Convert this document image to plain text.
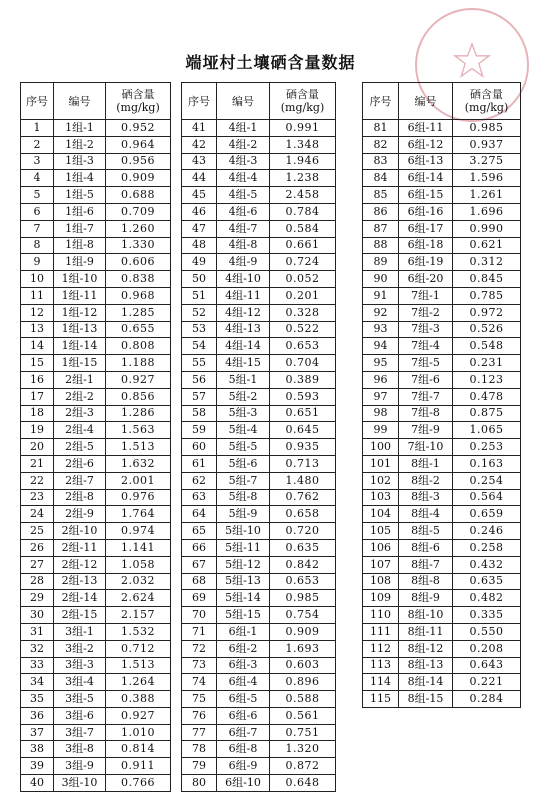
端垭村土壤硒含量数据
序号	编号	硒含量
(mg/kg)
1	1组-1	0.952
2	1组-2	0.964
3	1组-3	0.956
4	1组-4	0.909
5	1组-5	0.688
6	1组-6	0.709
7	1组-7	1.260
8	1组-8	1.330
9	1组-9	0.606
10	1组-10	0.838
11	1组-11	0.968
12	1组-12	1.285
13	1组-13	0.655
14	1组-14	0.808
15	1组-15	1.188
16	2组-1	0.927
17	2组-2	0.856
18	2组-3	1.286
19	2组-4	1.563
20	2组-5	1.513
21	2组-6	1.632
22	2组-7	2.001
23	2组-8	0.976
24	2组-9	1.764
25	2组-10	0.974
26	2组-11	1.141
27	2组-12	1.058
28	2组-13	2.032
29	2组-14	2.624
30	2组-15	2.157
31	3组-1	1.532
32	3组-2	0.712
33	3组-3	1.513
34	3组-4	1.264
35	3组-5	0.388
36	3组-6	0.927
37	3组-7	1.010
38	3组-8	0.814
39	3组-9	0.911
40	3组-10	0.766
序号	编号	硒含量
(mg/kg)
41	4组-1	0.991
42	4组-2	1.348
43	4组-3	1.946
44	4组-4	1.238
45	4组-5	2.458
46	4组-6	0.784
47	4组-7	0.584
48	4组-8	0.661
49	4组-9	0.724
50	4组-10	0.052
51	4组-11	0.201
52	4组-12	0.328
53	4组-13	0.522
54	4组-14	0.653
55	4组-15	0.704
56	5组-1	0.389
57	5组-2	0.593
58	5组-3	0.651
59	5组-4	0.645
60	5组-5	0.935
61	5组-6	0.713
62	5组-7	1.480
63	5组-8	0.762
64	5组-9	0.658
65	5组-10	0.720
66	5组-11	0.635
67	5组-12	0.842
68	5组-13	0.653
69	5组-14	0.985
70	5组-15	0.754
71	6组-1	0.909
72	6组-2	1.693
73	6组-3	0.603
74	6组-4	0.896
75	6组-5	0.588
76	6组-6	0.561
77	6组-7	0.751
78	6组-8	1.320
79	6组-9	0.872
80	6组-10	0.648
序号	编号	硒含量
(mg/kg)
81	6组-11	0.985
82	6组-12	0.937
83	6组-13	3.275
84	6组-14	1.596
85	6组-15	1.261
86	6组-16	1.696
87	6组-17	0.990
88	6组-18	0.621
89	6组-19	0.312
90	6组-20	0.845
91	7组-1	0.785
92	7组-2	0.972
93	7组-3	0.526
94	7组-4	0.548
95	7组-5	0.231
96	7组-6	0.123
97	7组-7	0.478
98	7组-8	0.875
99	7组-9	1.065
100	7组-10	0.253
101	8组-1	0.163
102	8组-2	0.254
103	8组-3	0.564
104	8组-4	0.659
105	8组-5	0.246
106	8组-6	0.258
107	8组-7	0.432
108	8组-8	0.635
109	8组-9	0.482
110	8组-10	0.335
111	8组-11	0.550
112	8组-12	0.208
113	8组-13	0.643
114	8组-14	0.221
115	8组-15	0.284
